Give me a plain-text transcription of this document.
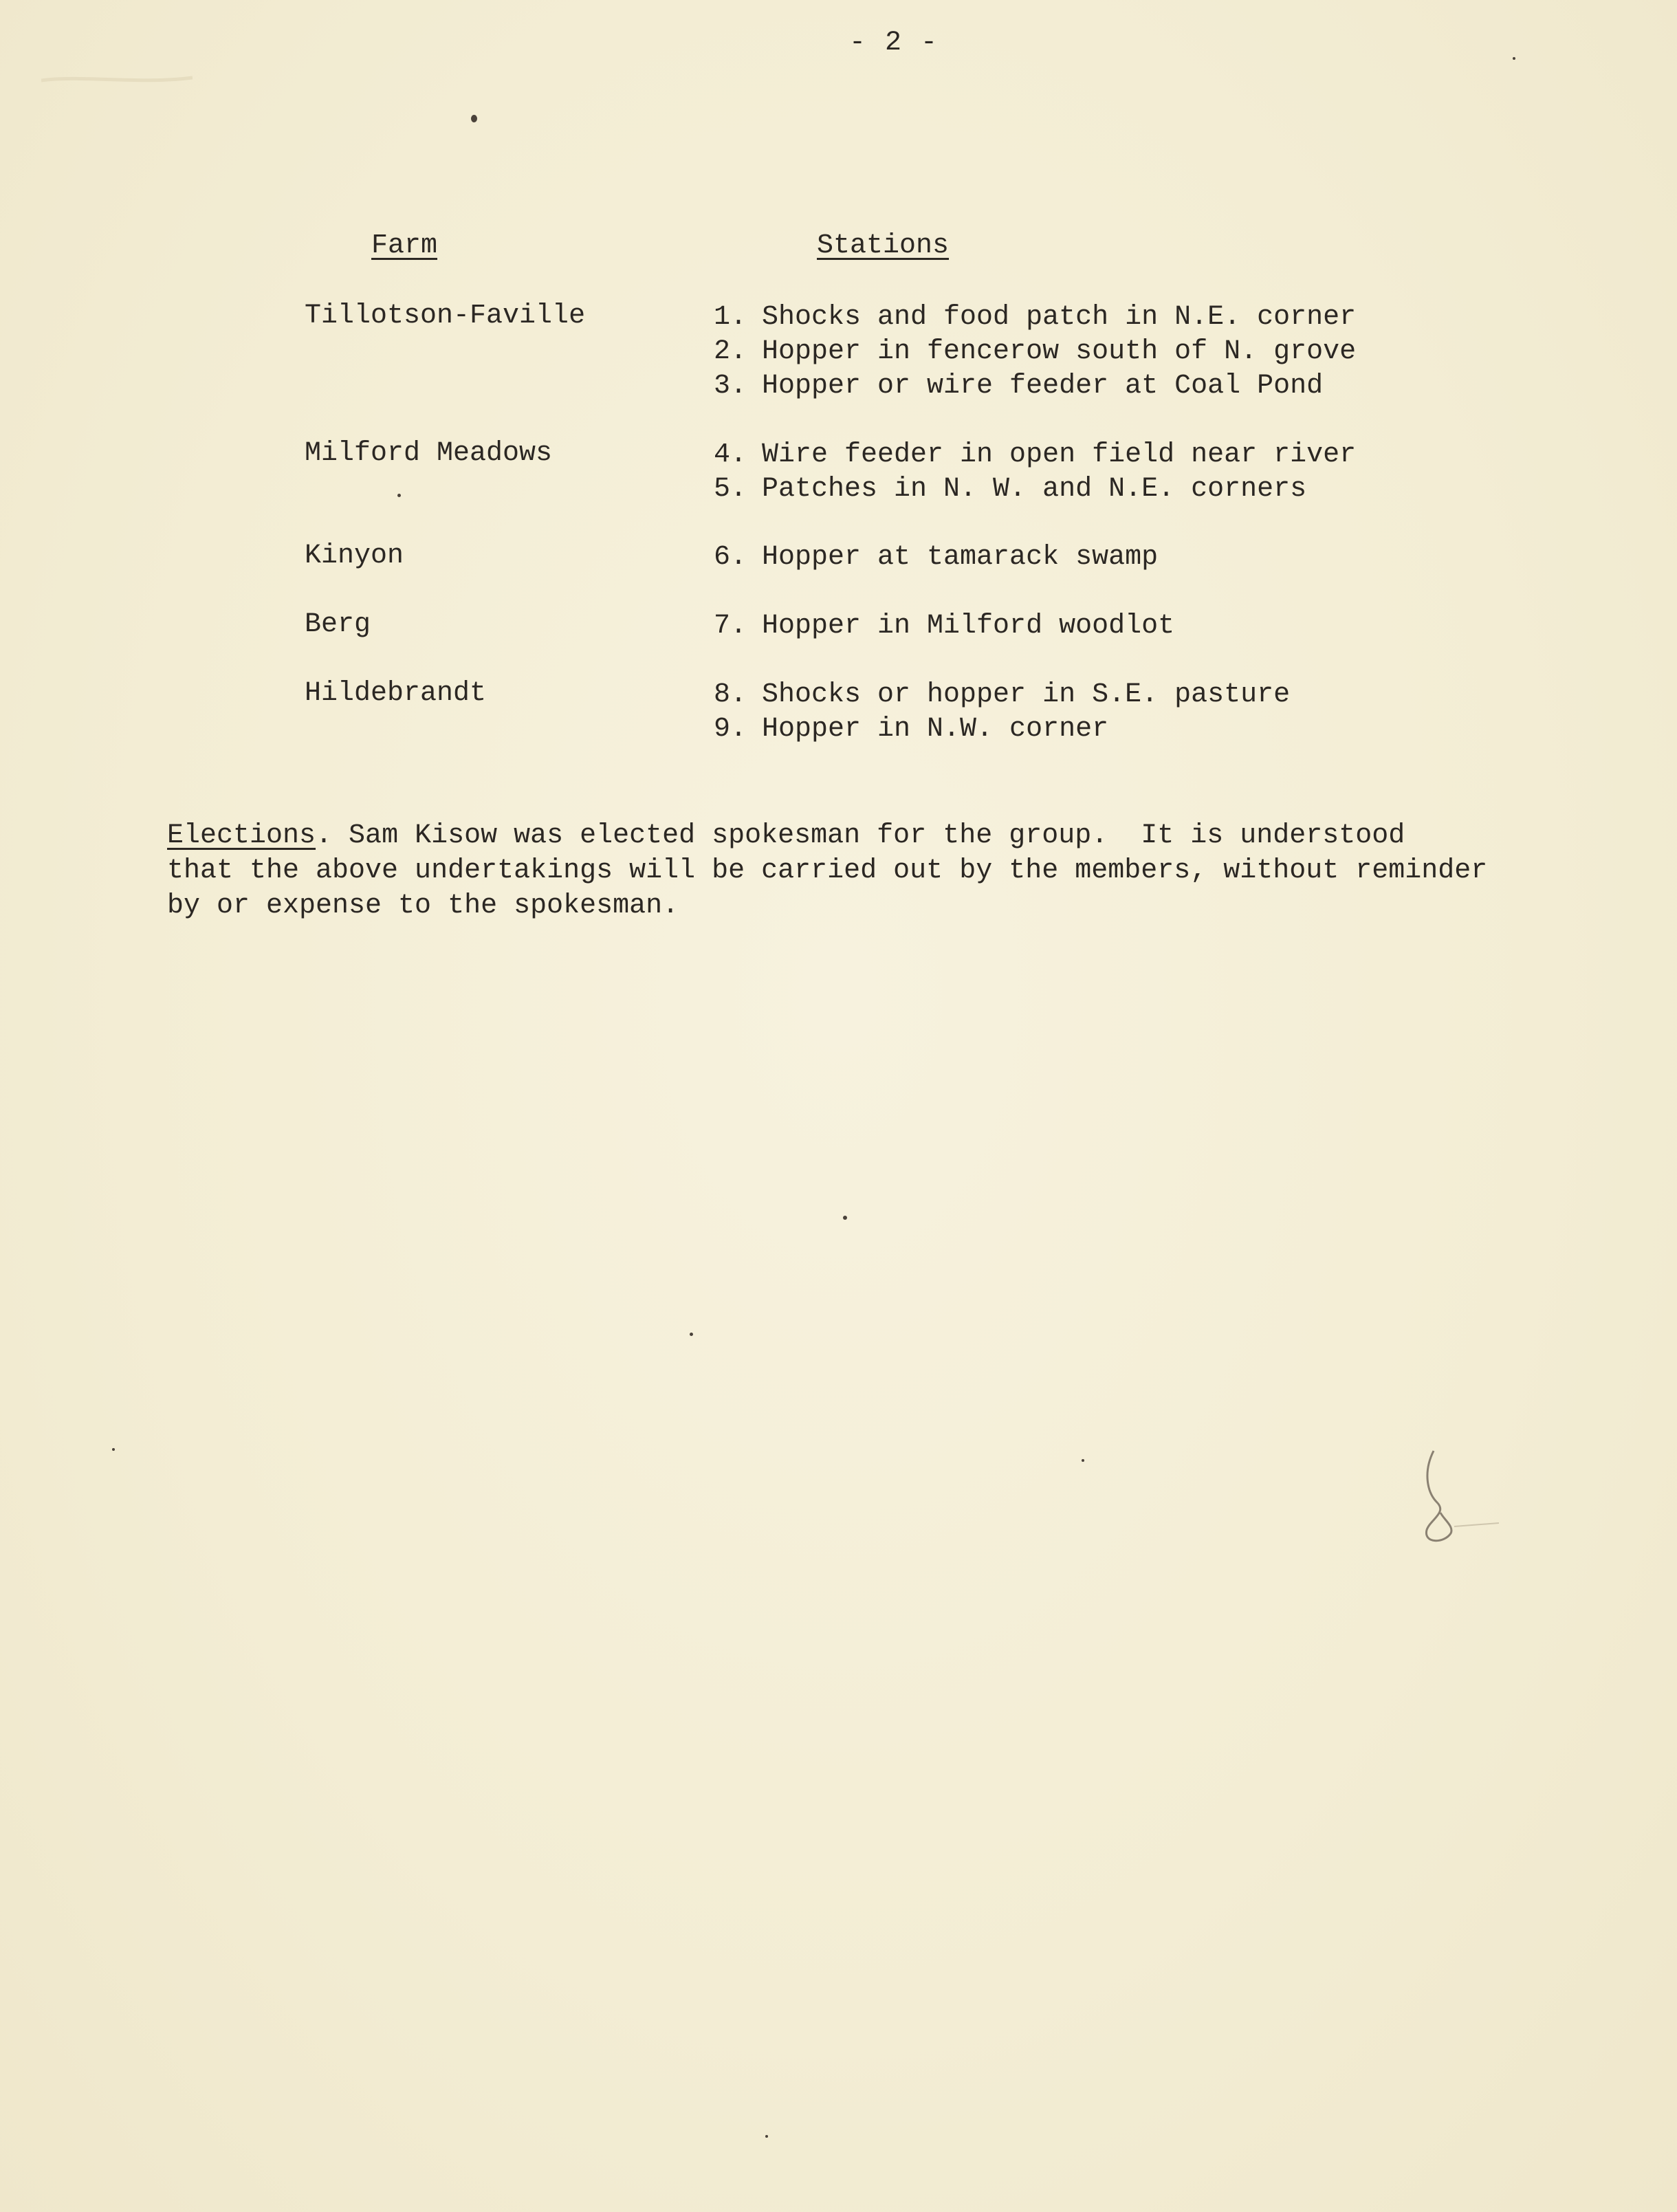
- 2 -
Farm	Stations
Tillotson-Faville	1. Shocks and food patch in N.E. corner
2. Hopper in fencerow south of N. grove
3. Hopper or wire feeder at Coal Pond
Milford Meadows	4. Wire feeder in open field near river
5. Patches in N. W. and N.E. corners
Kinyon	6. Hopper at tamarack swamp
Berg	7. Hopper in Milford woodlot
Hildebrandt	8. Shocks or hopper in S.E. pasture
9. Hopper in N.W. corner
Elections. Sam Kisow was elected spokesman for the group.  It is understood
that the above undertakings will be carried out by the members, without reminder
by or expense to the spokesman.
